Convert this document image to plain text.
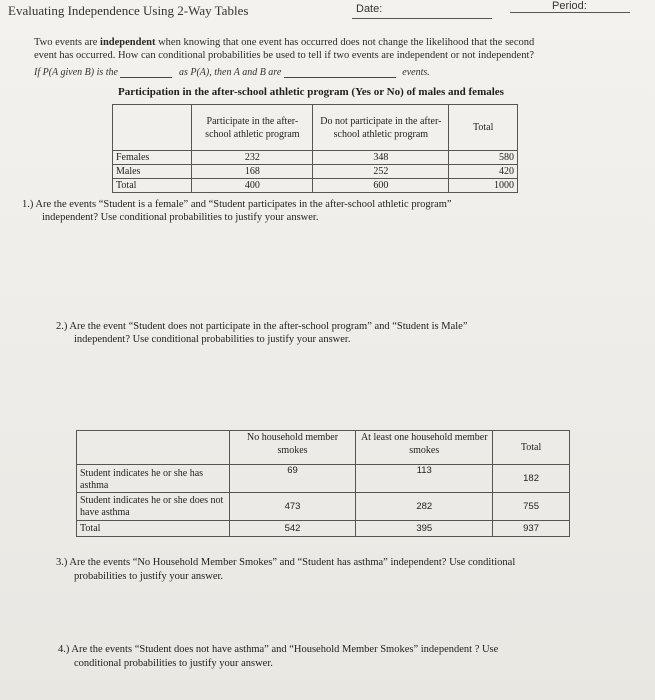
Evaluating Independence Using 2-Way Tables	Date:	Period:
Two events are independent when knowing that one event has occurred does not change the likelihood that the second
event has occurred. How can conditional probabilities be used to tell if two events are independent or not independent?
If P(A given B) is the	as P(A), then A and B are	events.
Participation in the after-school athletic program (Yes or No) of males and females
	Participate in the after-school athletic program	Do not participate in the after-school athletic program	Total
Females	232	348	580
Males	168	252	420
Total	400	600	1000
1.) Are the events “Student is a female” and “Student participates in the after-school athletic program”
independent? Use conditional probabilities to justify your answer.
2.) Are the event “Student does not participate in the after-school program” and “Student is Male”
independent? Use conditional probabilities to justify your answer.
	No household member smokes	At least one household member smokes	Total
Student indicates he or she has asthma	69	113	182
Student indicates he or she does not have asthma	473	282	755
Total	542	395	937
3.) Are the events “No Household Member Smokes” and “Student has asthma” independent? Use conditional
probabilities to justify your answer.
4.) Are the events “Student does not have asthma” and “Household Member Smokes” independent ? Use
conditional probabilities to justify your answer.
